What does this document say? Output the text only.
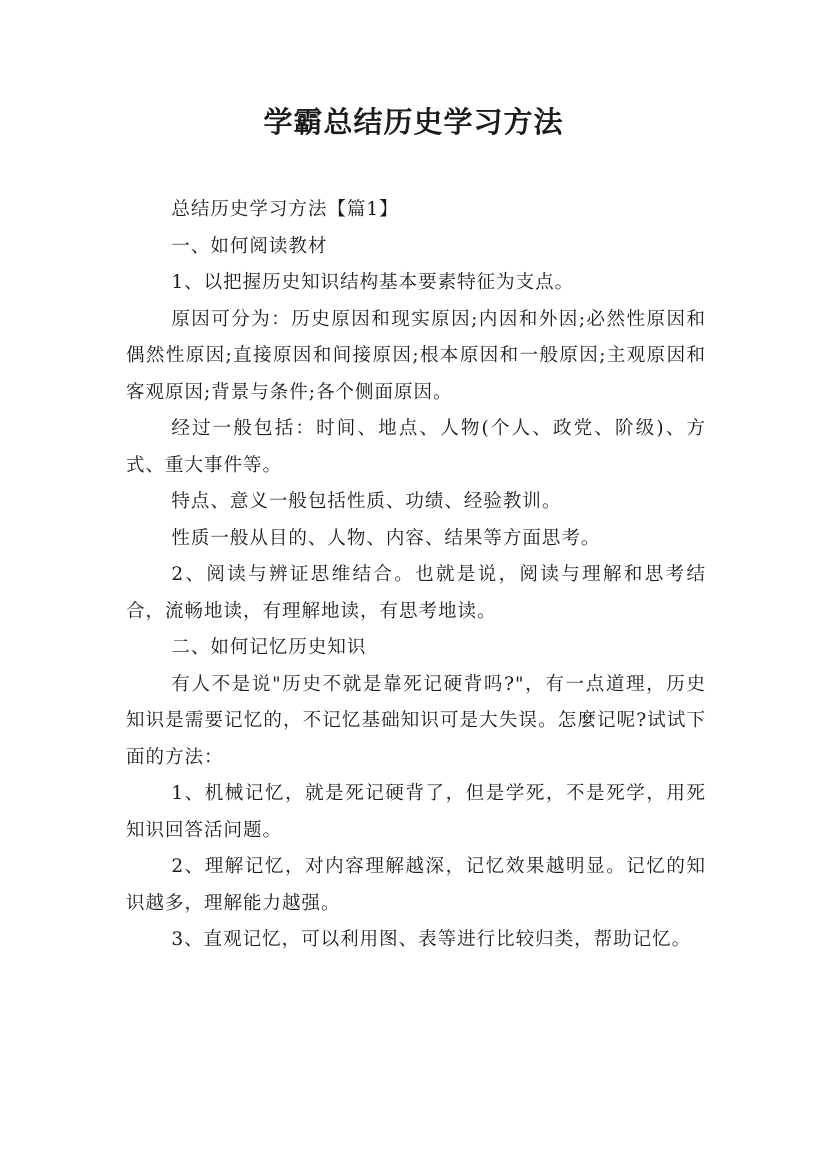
学霸总结历史学习方法

总结历史学习方法【篇1】

一、如何阅读教材

1、以把握历史知识结构基本要素特征为支点。

原因可分为：历史原因和现实原因;内因和外因;必然性原因和偶然性原因;直接原因和间接原因;根本原因和一般原因;主观原因和客观原因;背景与条件;各个侧面原因。

经过一般包括：时间、地点、人物(个人、政党、阶级)、方式、重大事件等。

特点、意义一般包括性质、功绩、经验教训。

性质一般从目的、人物、内容、结果等方面思考。

2、阅读与辨证思维结合。也就是说，阅读与理解和思考结合，流畅地读，有理解地读，有思考地读。

二、如何记忆历史知识

有人不是说"历史不就是靠死记硬背吗?"，有一点道理，历史知识是需要记忆的，不记忆基础知识可是大失误。怎麼记呢?试试下面的方法：

1、机械记忆，就是死记硬背了，但是学死，不是死学，用死知识回答活问题。

2、理解记忆，对内容理解越深，记忆效果越明显。记忆的知识越多，理解能力越强。

3、直观记忆，可以利用图、表等进行比较归类，帮助记忆。
